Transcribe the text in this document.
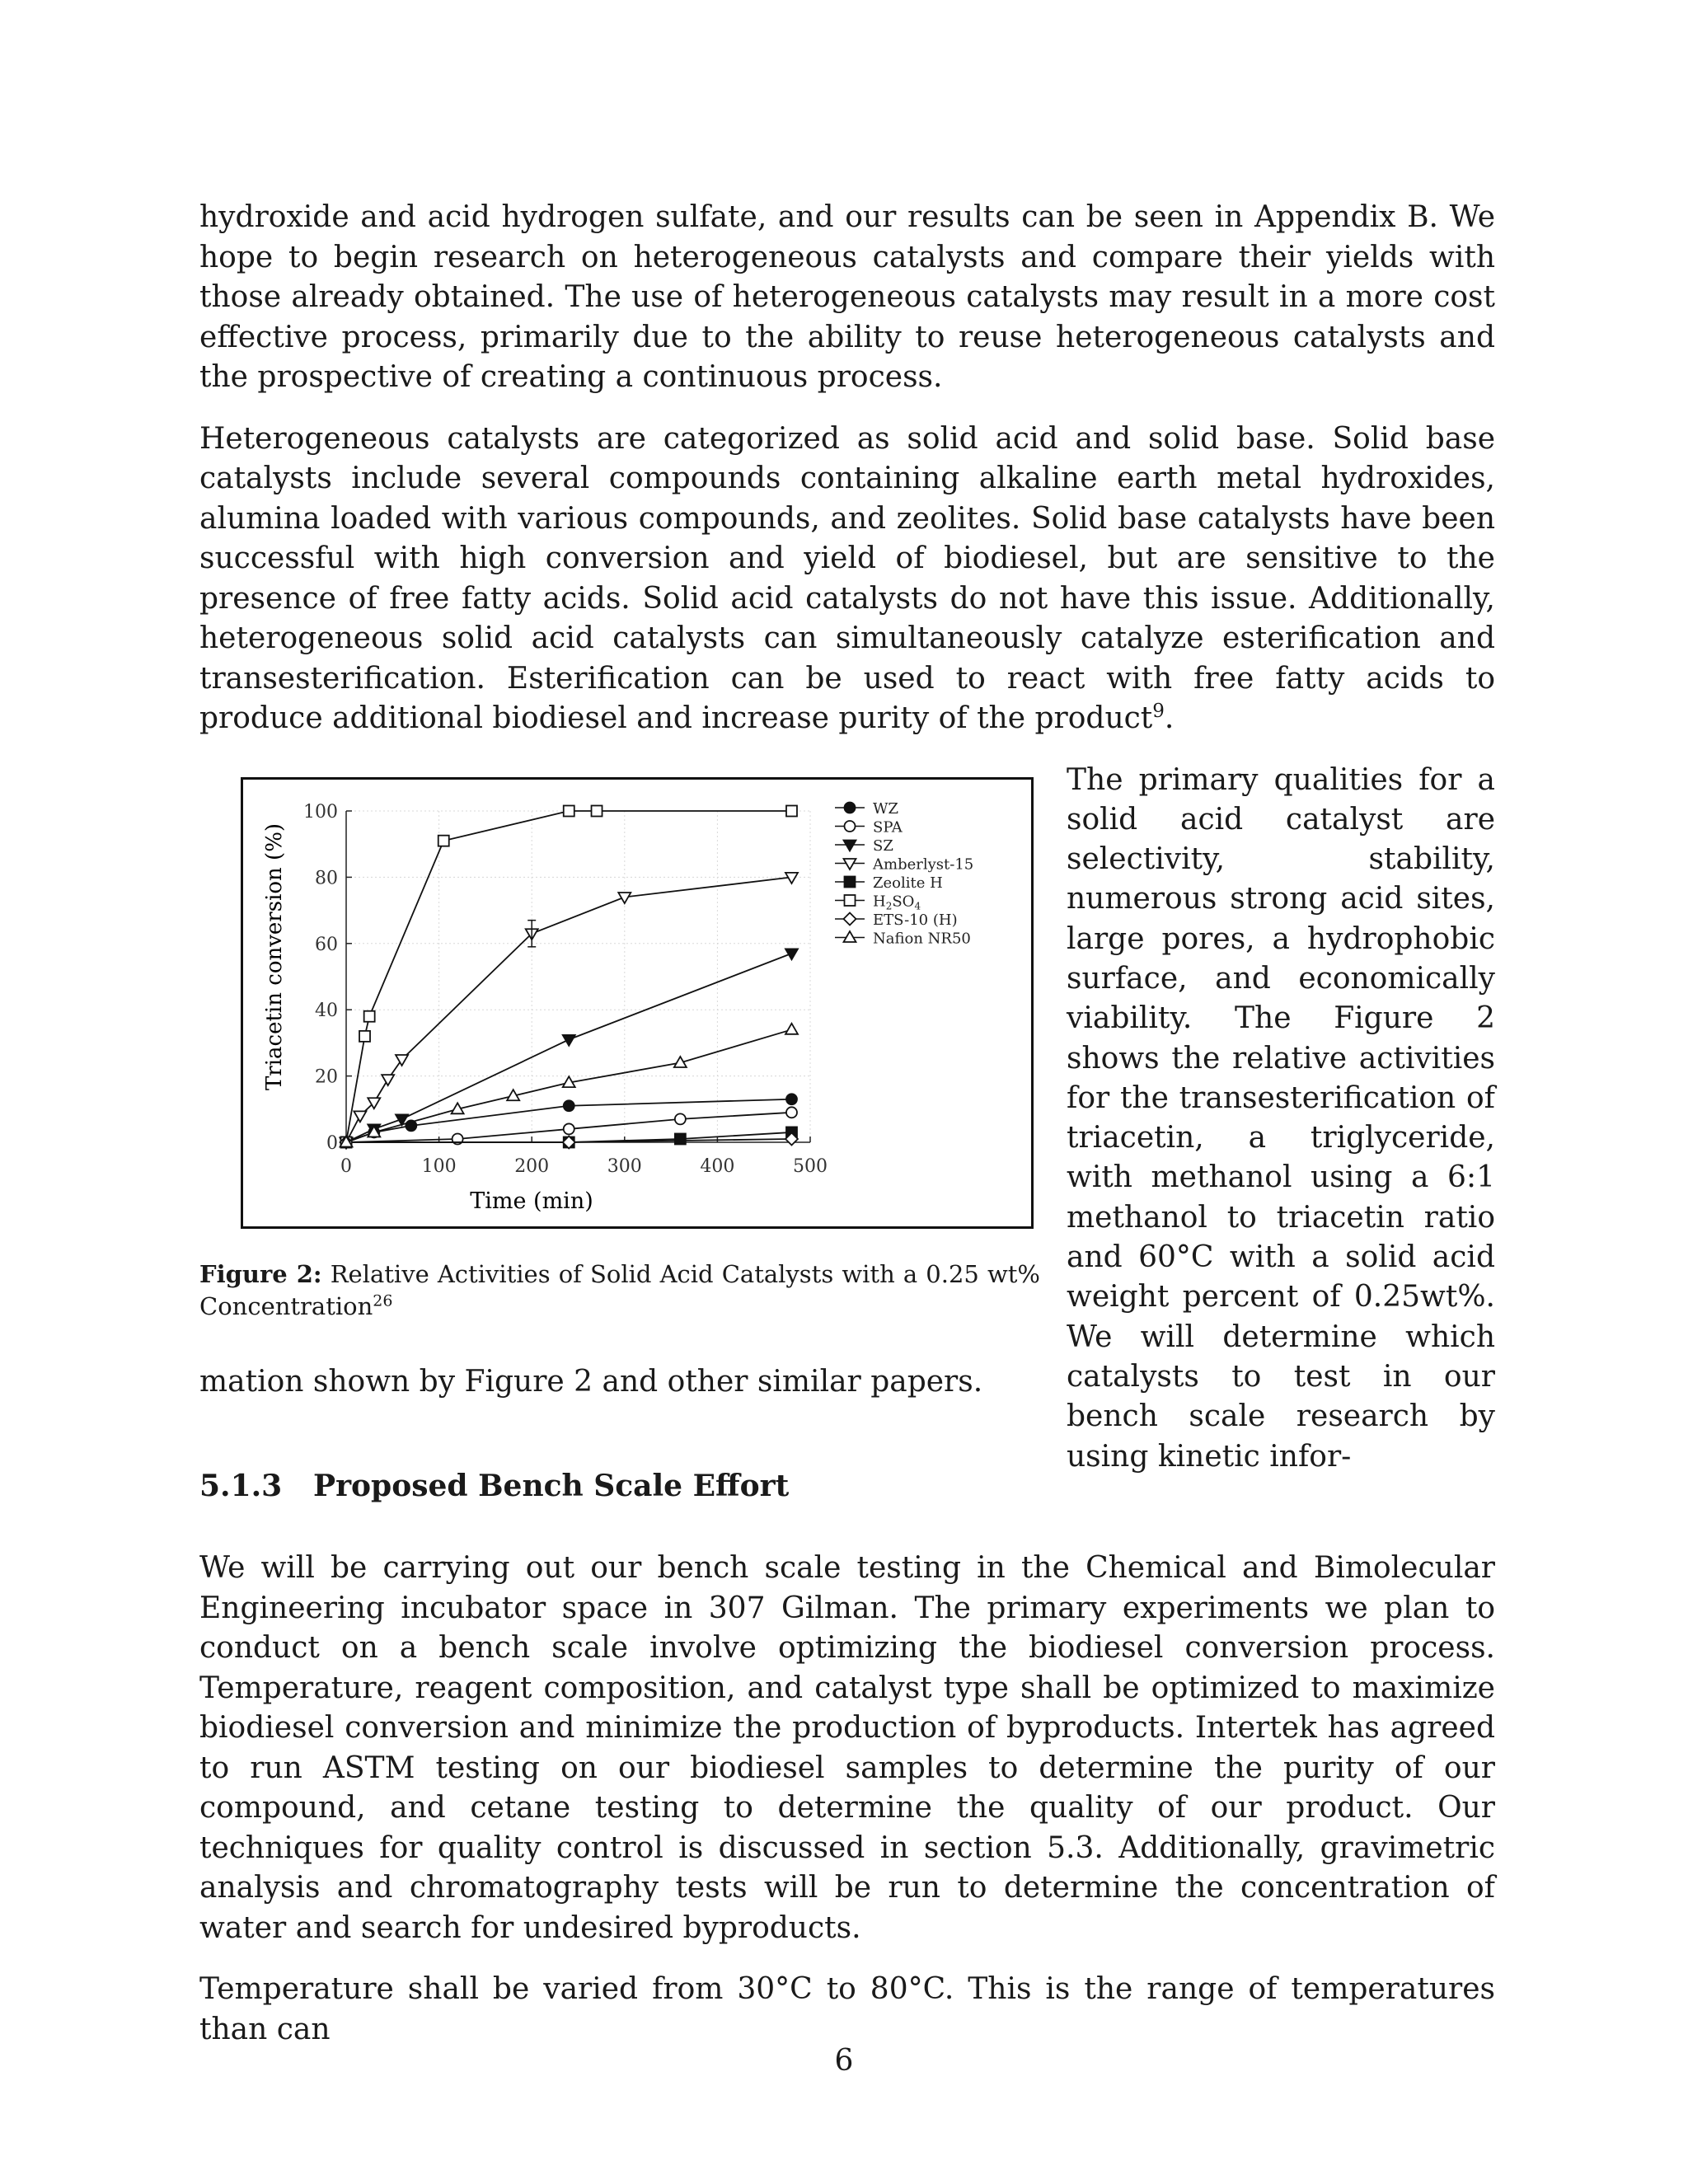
hydroxide and acid hydrogen sulfate, and our results can be seen in Appendix B. We hope to begin research on heterogeneous catalysts and compare their yields with those already obtained. The use of heterogeneous catalysts may result in a more cost effective process, primarily due to the ability to reuse heterogeneous catalysts and the prospective of creating a continuous process.

Heterogeneous catalysts are categorized as solid acid and solid base. Solid base catalysts include several compounds containing alkaline earth metal hydroxides, alumina loaded with various compounds, and zeolites. Solid base catalysts have been successful with high conversion and yield of biodiesel, but are sensitive to the presence of free fatty acids. Solid acid catalysts do not have this issue. Additionally, heterogeneous solid acid catalysts can simultaneously catalyze esterification and transesterification. Esterification can be used to react with free fatty acids to produce additional biodiesel and increase purity of the product$^9$.

0
20
40
60
80
100
0	100	200	300	400	500
WZ
SPA
SZ
Amberlyst-15
Zeolite H
$H_2SO_4$
ETS-10 (H)
Nafion NR50
Triacetin conversion (%)
Time (min)
Figure 2: Relative Activities of Solid Acid Catalysts with a 0.25 wt% Concentration$^{26}$
The primary qualities for a solid acid catalyst are selectivity, stability, numerous strong acid sites, large pores, a hydrophobic surface, and economically viability. The Figure 2 shows the relative activities for the transesterification of triacetin, a triglyceride, with methanol using a 6:1 methanol to triacetin ratio and 60°C with a solid acid weight percent of 0.25wt%. We will determine which catalysts to test in our bench scale research by using kinetic infor-

mation shown by Figure 2 and other similar papers.

5.1.3 Proposed Bench Scale Effort

We will be carrying out our bench scale testing in the Chemical and Bimolecular Engineering incubator space in 307 Gilman. The primary experiments we plan to conduct on a bench scale involve optimizing the biodiesel conversion process. Temperature, reagent composition, and catalyst type shall be optimized to maximize biodiesel conversion and minimize the production of byproducts. Intertek has agreed to run ASTM testing on our biodiesel samples to determine the purity of our compound, and cetane testing to determine the quality of our product. Our techniques for quality control is discussed in section 5.3. Additionally, gravimetric analysis and chromatography tests will be run to determine the concentration of water and search for undesired byproducts.

Temperature shall be varied from 30°C to 80°C. This is the range of temperatures than can

6
